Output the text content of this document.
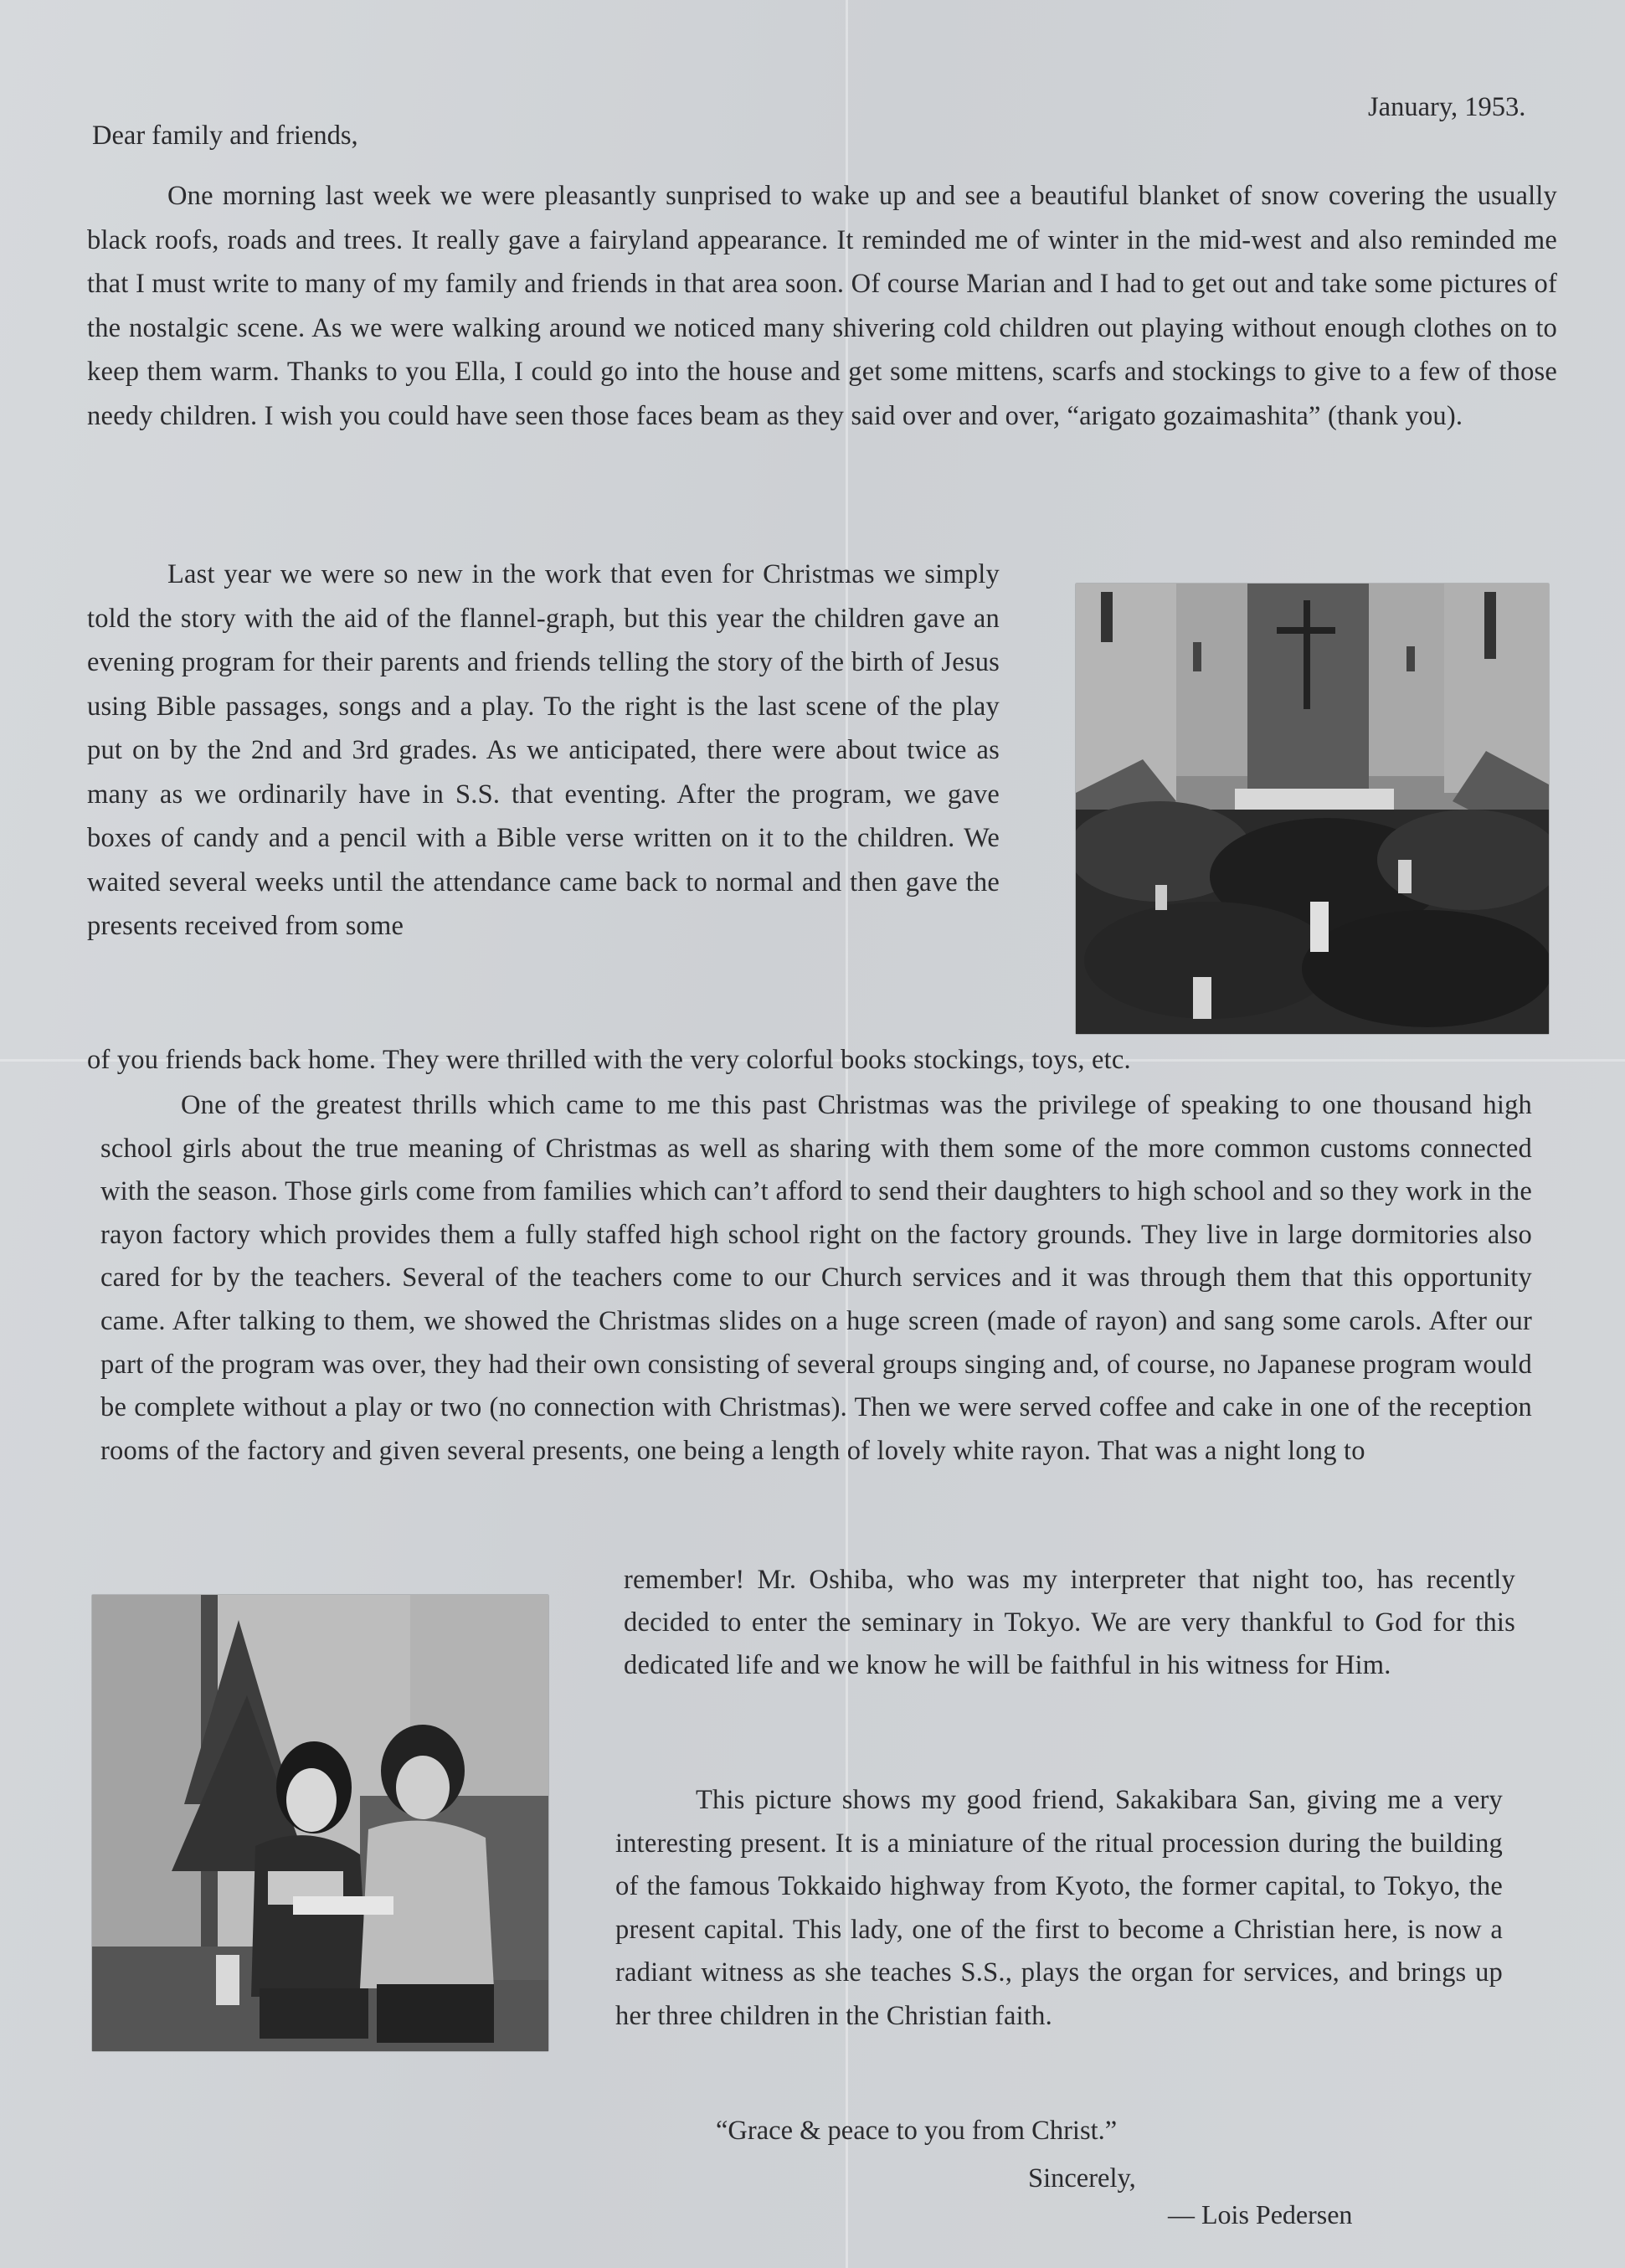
January, 1953.
Dear family and friends,

One morning last week we were pleasantly sunprised to wake up and see a beautiful blanket of snow covering the usually black roofs, roads and trees. It really gave a fairyland appearance. It reminded me of winter in the mid-west and also reminded me that I must write to many of my family and friends in that area soon. Of course Marian and I had to get out and take some pictures of the nostalgic scene. As we were walking around we noticed many shivering cold children out playing without enough clothes on to keep them warm. Thanks to you Ella, I could go into the house and get some mittens, scarfs and stockings to give to a few of those needy children. I wish you could have seen those faces beam as they said over and over, “arigato gozaimashita” (thank you).

Last year we were so new in the work that even for Christmas we simply told the story with the aid of the flannel-graph, but this year the children gave an evening program for their parents and friends telling the story of the birth of Jesus using Bible passages, songs and a play. To the right is the last scene of the play put on by the 2nd and 3rd grades. As we anticipated, there were about twice as many as we ordinarily have in S.S. that eventing. After the program, we gave boxes of candy and a pencil with a Bible verse written on it to the children. We waited several weeks until the attendance came back to normal and then gave the presents received from some

of you friends back home. They were thrilled with the very colorful books stockings, toys, etc.

One of the greatest thrills which came to me this past Christmas was the privilege of speaking to one thousand high school girls about the true meaning of Christmas as well as sharing with them some of the more common customs connected with the season. Those girls come from families which can’t afford to send their daughters to high school and so they work in the rayon factory which provides them a fully staffed high school right on the factory grounds. They live in large dormitories also cared for by the teachers. Several of the teachers come to our Church services and it was through them that this opportunity came. After talking to them, we showed the Christmas slides on a huge screen (made of rayon) and sang some carols. After our part of the program was over, they had their own consisting of several groups singing and, of course, no Japanese program would be complete without a play or two (no connection with Christmas). Then we were served coffee and cake in one of the reception rooms of the factory and given several presents, one being a length of lovely white rayon. That was a night long to

remember! Mr. Oshiba, who was my interpreter that night too, has recently decided to enter the seminary in Tokyo. We are very thankful to God for this dedicated life and we know he will be faithful in his witness for Him.

This picture shows my good friend, Sakakibara San, giving me a very interesting present. It is a miniature of the ritual procession during the building of the famous Tokkaido highway from Kyoto, the former capital, to Tokyo, the present capital. This lady, one of the first to become a Christian here, is now a radiant witness as she teaches S.S., plays the organ for services, and brings up her three children in the Christian faith.

“Grace & peace to you from Christ.”
Sincerely,
— Lois Pedersen
